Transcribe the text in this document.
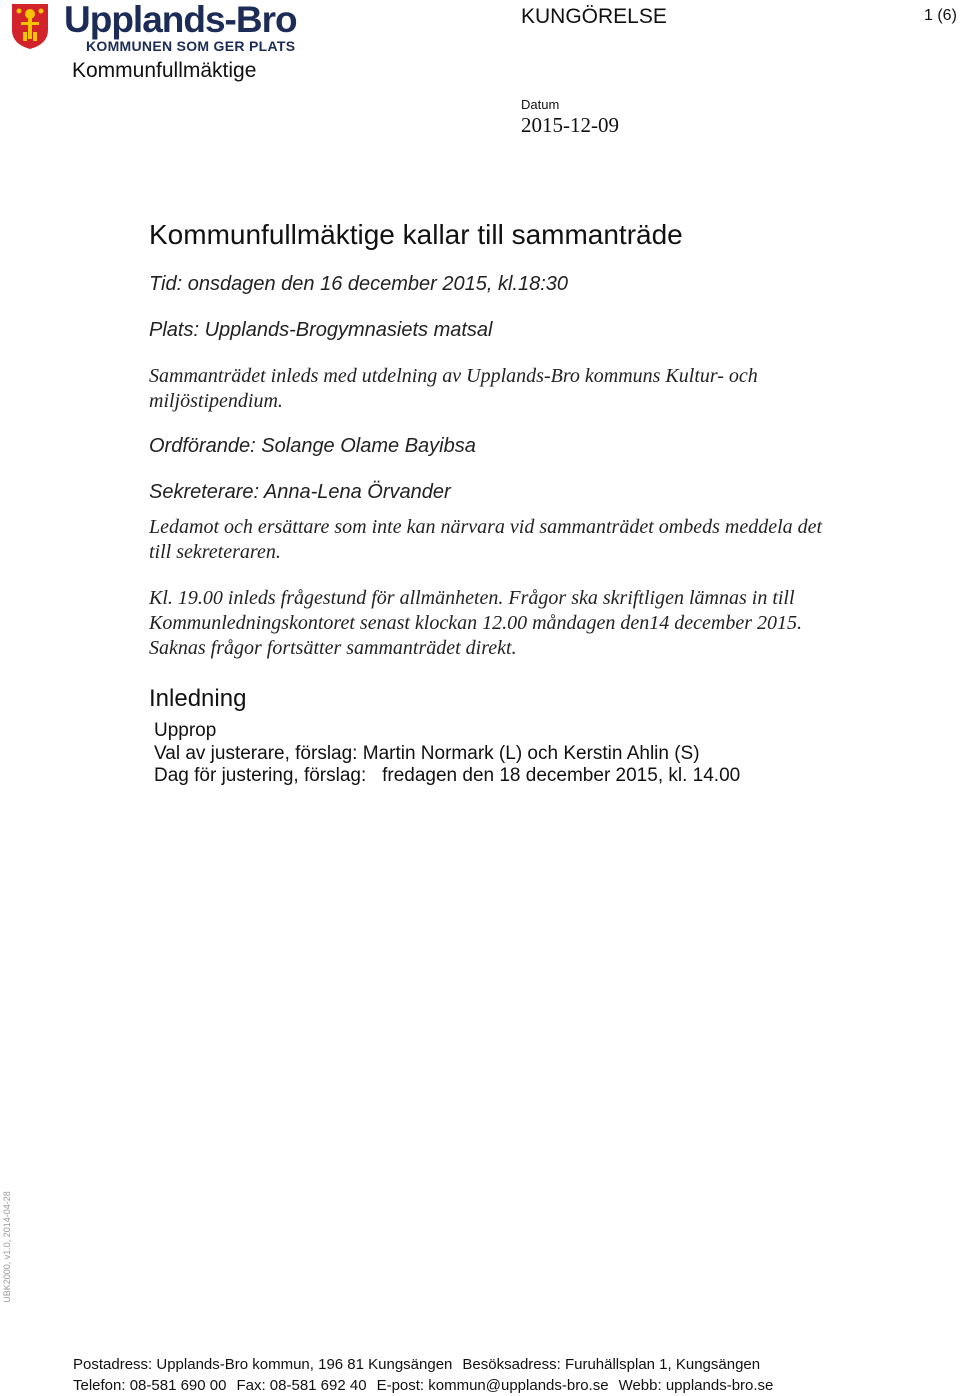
Upplands-Bro
KOMMUNEN SOM GER PLATS
Kommunfullmäktige
KUNGÖRELSE	1 (6)
Datum
2015-12-09
Kommunfullmäktige kallar till sammanträde
Tid: onsdagen den 16 december 2015, kl.18:30
Plats: Upplands-Brogymnasiets matsal
Sammanträdet inleds med utdelning av Upplands-Bro kommuns Kultur- och miljöstipendium.
Ordförande: Solange Olame Bayibsa
Sekreterare: Anna-Lena Örvander
Ledamot och ersättare som inte kan närvara vid sammanträdet ombeds meddela det till sekreteraren.
Kl. 19.00 inleds frågestund för allmänheten. Frågor ska skriftligen lämnas in till Kommunledningskontoret senast klockan 12.00 måndagen den14 december 2015. Saknas frågor fortsätter sammanträdet direkt.
Inledning
Upprop
Val av justerare, förslag: Martin Normark (L) och Kerstin Ahlin (S)
Dag för justering, förslag:   fredagen den 18 december 2015, kl. 14.00
UBK2000, v1.0, 2014-04-28
Postadress: Upplands-Bro kommun, 196 81 Kungsängen Besöksadress: Furuhällsplan 1, Kungsängen
Telefon: 08-581 690 00 Fax: 08-581 692 40 E-post: kommun@upplands-bro.se Webb: upplands-bro.se
